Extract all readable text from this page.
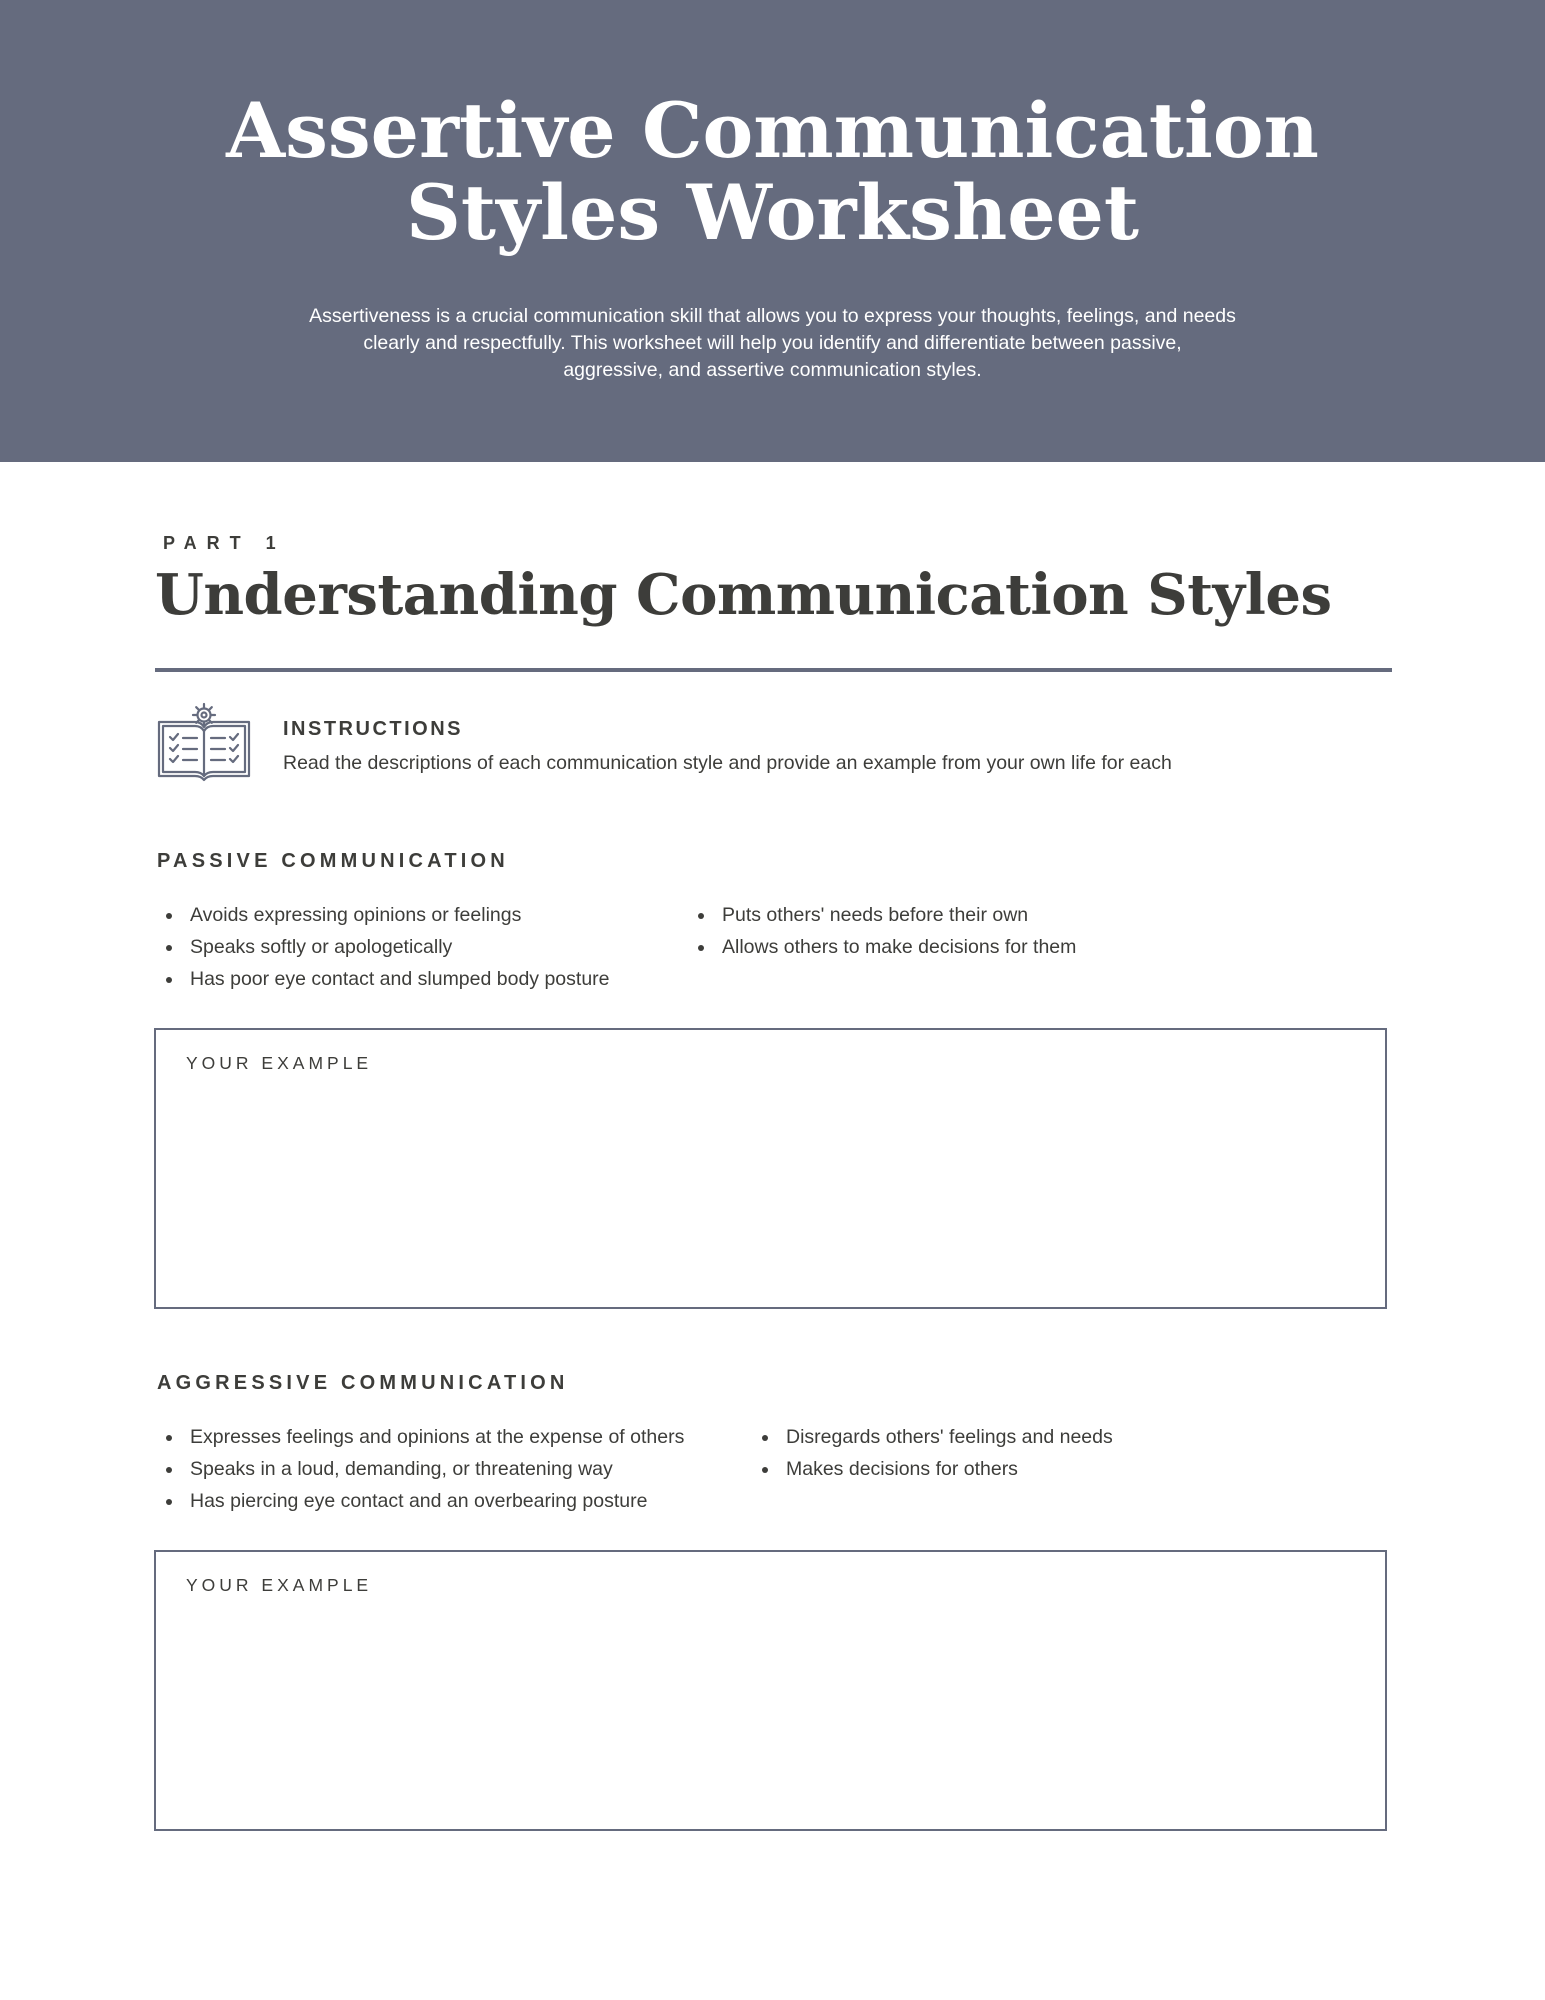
Assertive Communication
Styles Worksheet

Assertiveness is a crucial communication skill that allows you to express your thoughts, feelings, and needs
clearly and respectfully. This worksheet will help you identify and differentiate between passive,
aggressive, and assertive communication styles.

PART 1

Understanding Communication Styles

INSTRUCTIONS

Read the descriptions of each communication style and provide an example from your own life for each

PASSIVE COMMUNICATION

Avoids expressing opinions or feelings
Speaks softly or apologetically
Has poor eye contact and slumped body posture
Puts others' needs before their own
Allows others to make decisions for them

YOUR EXAMPLE

AGGRESSIVE COMMUNICATION

Expresses feelings and opinions at the expense of others
Speaks in a loud, demanding, or threatening way
Has piercing eye contact and an overbearing posture
Disregards others' feelings and needs
Makes decisions for others

YOUR EXAMPLE
